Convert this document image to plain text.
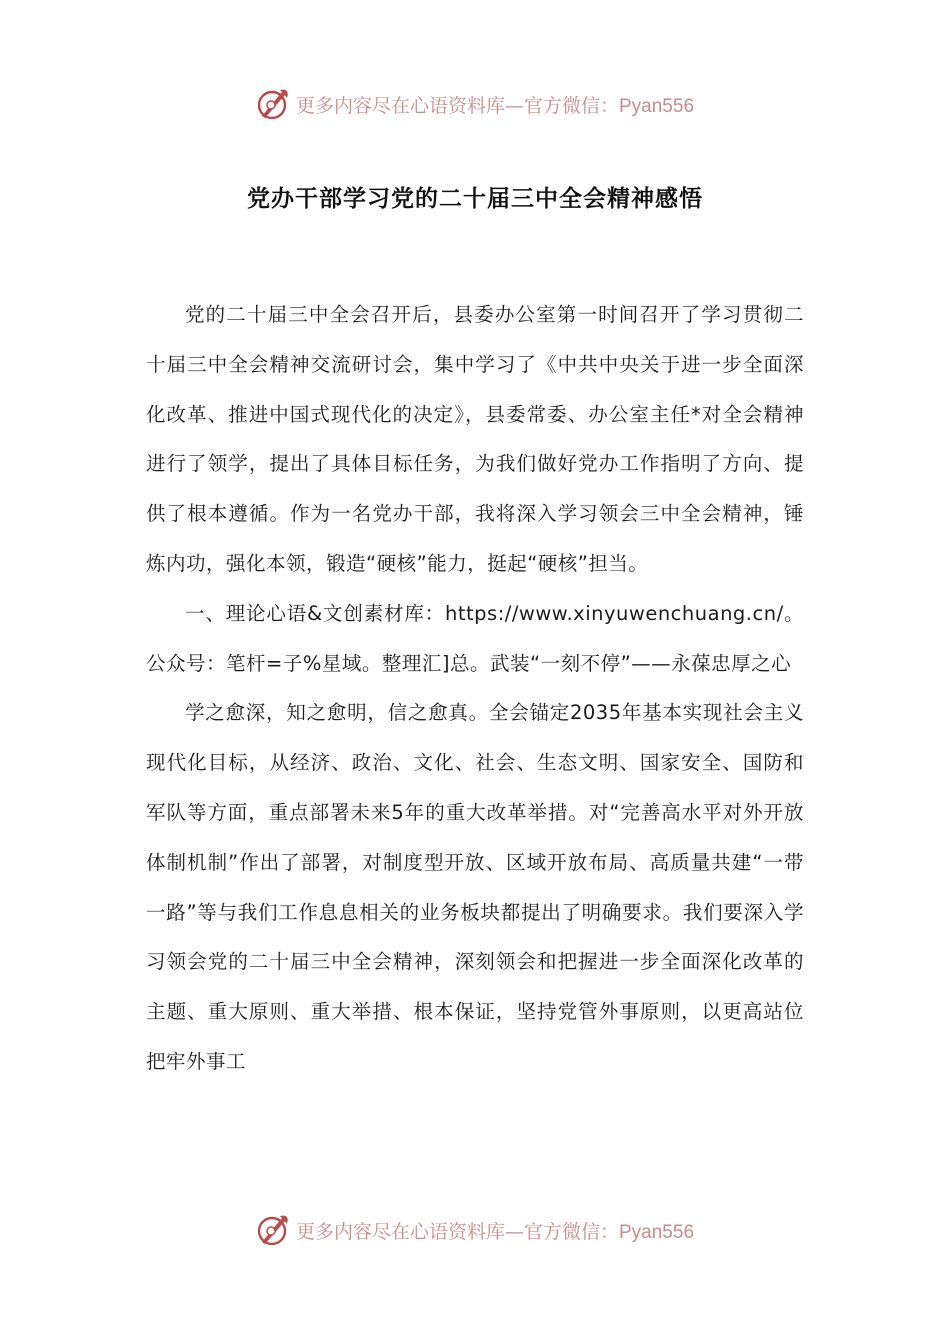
更多内容尽在心语资料库—官方微信：Pyan556
党办干部学习党的二十届三中全会精神感悟

党的二十届三中全会召开后，县委办公室第一时间召开了学习贯彻二十届三中全会精神交流研讨会，集中学习了《中共中央关于进一步全面深化改革、推进中国式现代化的决定》，县委常委、办公室主任*对全会精神进行了领学，提出了具体目标任务，为我们做好党办工作指明了方向、提供了根本遵循。作为一名党办干部，我将深入学习领会三中全会精神，锤炼内功，强化本领，锻造“硬核”能力，挺起“硬核”担当。

一、理论心语&文创素材库：https://www.xinyuwenchuang.cn/。公众号：笔杆=子%星域。整理汇]总。武装“一刻不停”——永葆忠厚之心

学之愈深，知之愈明，信之愈真。全会锚定2035年基本实现社会主义现代化目标，从经济、政治、文化、社会、生态文明、国家安全、国防和军队等方面，重点部署未来5年的重大改革举措。对“完善高水平对外开放体制机制”作出了部署，对制度型开放、区域开放布局、高质量共建“一带一路”等与我们工作息息相关的业务板块都提出了明确要求。我们要深入学习领会党的二十届三中全会精神，深刻领会和把握进一步全面深化改革的主题、重大原则、重大举措、根本保证，坚持党管外事原则，以更高站位把牢外事工

更多内容尽在心语资料库—官方微信：Pyan556
